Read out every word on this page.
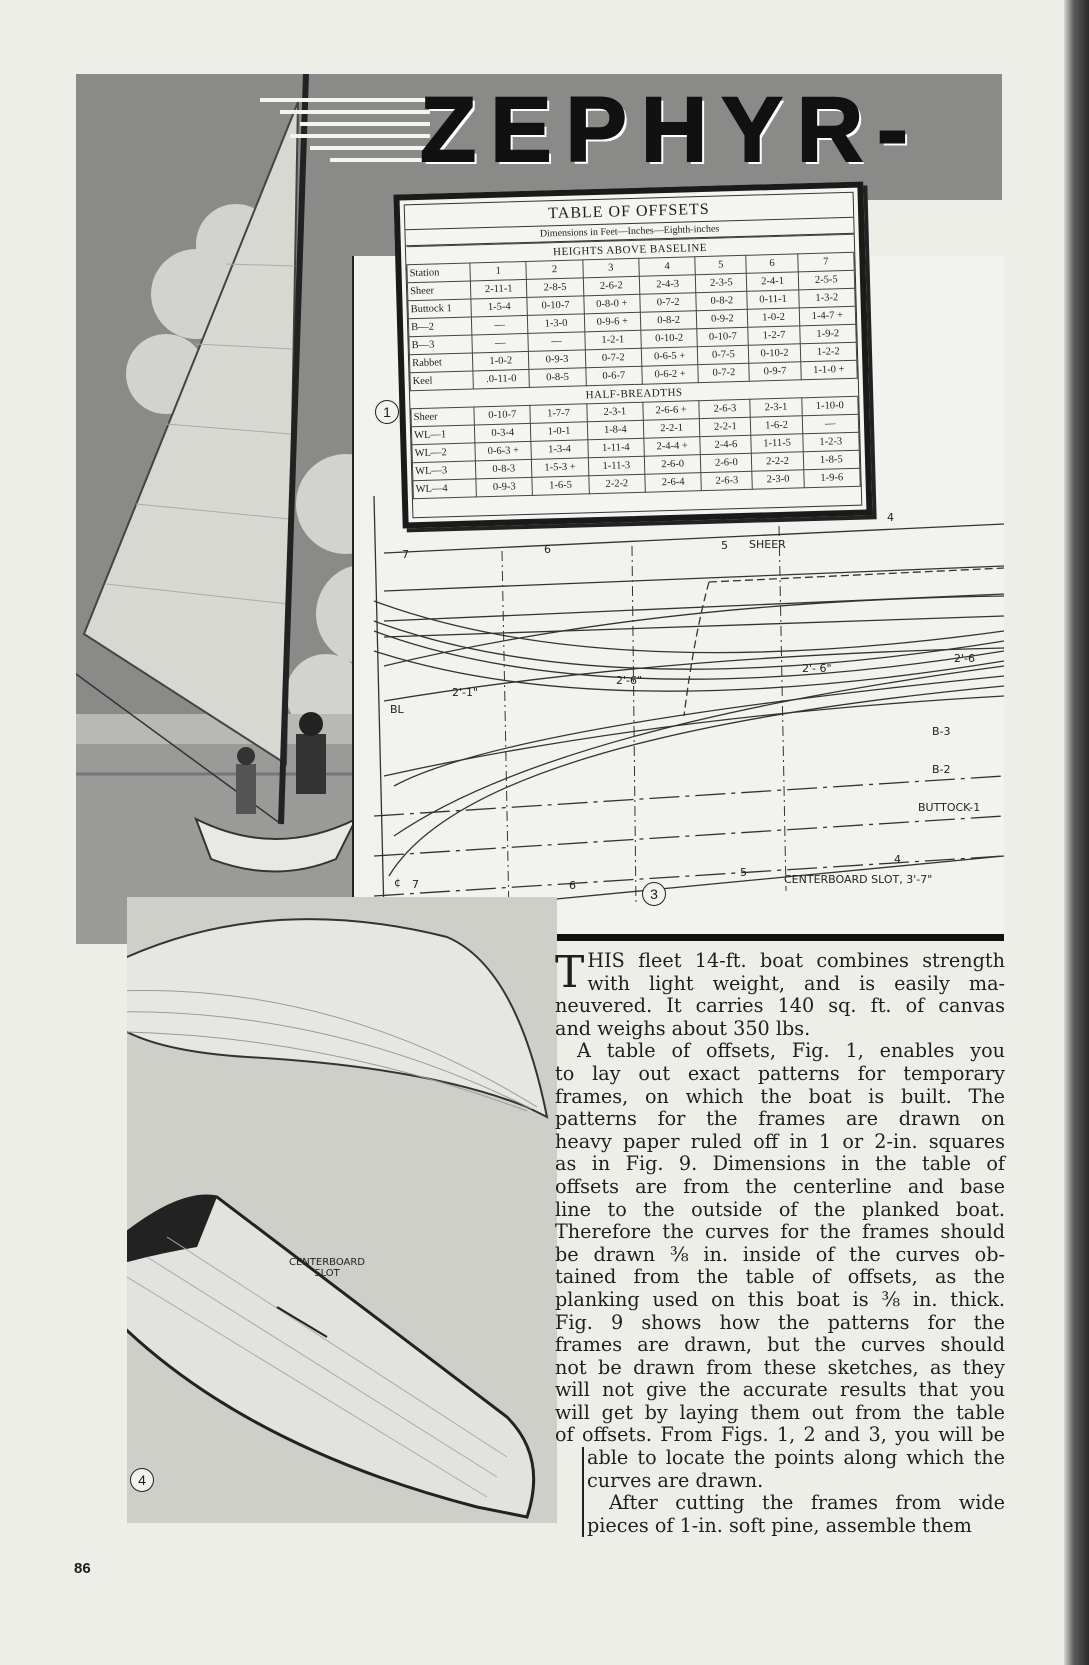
ZEPHYR-
SHEER
4
5
6
7
2'-1"
2'-6"
2'- 6"
2'-6
BL
B-3
B-2
BUTTOCK-1
4
5
6
7
¢	CENTERBOARD SLOT, 3'-7"
3
1
TABLE OF OFFSETS
Dimensions in Feet—Inches—Eighth-inches
HEIGHTS ABOVE BASELINE							
Station	1	2	3	4	5	6	7
Sheer	2-11-1	2-8-5	2-6-2	2-4-3	2-3-5	2-4-1	2-5-5
Buttock 1	1-5-4	0-10-7	0-8-0 +	0-7-2	0-8-2	0-11-1	1-3-2
B—2	—	1-3-0	0-9-6 +	0-8-2	0-9-2	1-0-2	1-4-7 +
B—3	—	—	1-2-1	0-10-2	0-10-7	1-2-7	1-9-2
Rabbet	1-0-2	0-9-3	0-7-2	0-6-5 +	0-7-5	0-10-2	1-2-2
Keel	.0-11-0	0-8-5	0-6-7	0-6-2 +	0-7-2	0-9-7	1-1-0 +
HALF-BREADTHS							
Sheer	0-10-7	1-7-7	2-3-1	2-6-6 +	2-6-3	2-3-1	1-10-0
WL—1	0-3-4	1-0-1	1-8-4	2-2-1	2-2-1	1-6-2	—
WL—2	0-6-3 +	1-3-4	1-11-4	2-4-4 +	2-4-6	1-11-5	1-2-3
WL—3	0-8-3	1-5-3 +	1-11-3	2-6-0	2-6-0	2-2-2	1-8-5
WL—4	0-9-3	1-6-5	2-2-2	2-6-4	2-6-3	2-3-0	1-9-6
CENTERBOARD SLOT
4
T HIS fleet 14-ft. boat combines strength
with light weight, and is easily ma-
neuvered. It carries 140 sq. ft. of canvas
and weighs about 350 lbs.
A table of offsets, Fig. 1, enables you
to lay out exact patterns for temporary
frames, on which the boat is built. The
patterns for the frames are drawn on
heavy paper ruled off in 1 or 2-in. squares
as in Fig. 9. Dimensions in the table of
offsets are from the centerline and base
line to the outside of the planked boat.
Therefore the curves for the frames should
be drawn ⅜ in. inside of the curves ob-
tained from the table of offsets, as the
planking used on this boat is ⅜ in. thick.
Fig. 9 shows how the patterns for the
frames are drawn, but the curves should
not be drawn from these sketches, as they
will not give the accurate results that you
will get by laying them out from the table
of offsets. From Figs. 1, 2 and 3, you will be
able to locate the points along which the
curves are drawn.
After cutting the frames from wide
pieces of 1-in. soft pine, assemble them
86
